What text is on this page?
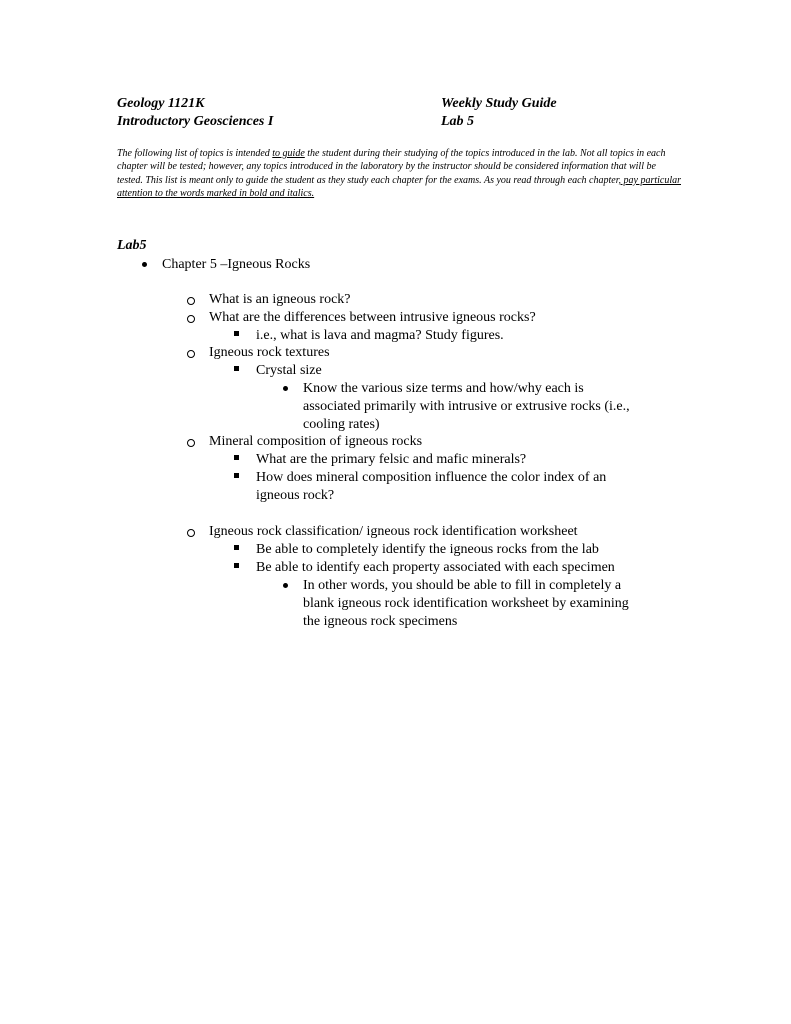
Geology 1121K
Introductory Geosciences I
Weekly Study Guide
Lab 5
The following list of topics is intended to guide the student during their studying of the topics introduced in the lab. Not all topics in each chapter will be tested; however, any topics introduced in the laboratory by the instructor should be considered information that will be tested. This list is meant only to guide the student as they study each chapter for the exams. As you read through each chapter, pay particular attention to the words marked in bold and italics.
Lab5
Chapter 5 –Igneous Rocks
What is an igneous rock?
What are the differences between intrusive igneous rocks?
i.e., what is lava and magma? Study figures.
Igneous rock textures
Crystal size
Know the various size terms and how/why each is
associated primarily with intrusive or extrusive rocks (i.e.,
cooling rates)
Mineral composition of igneous rocks
What are the primary felsic and mafic minerals?
How does mineral composition influence the color index of an
igneous rock?
Igneous rock classification/ igneous rock identification worksheet
Be able to completely identify the igneous rocks from the lab
Be able to identify each property associated with each specimen
In other words, you should be able to fill in completely a
blank igneous rock identification worksheet by examining
the igneous rock specimens
